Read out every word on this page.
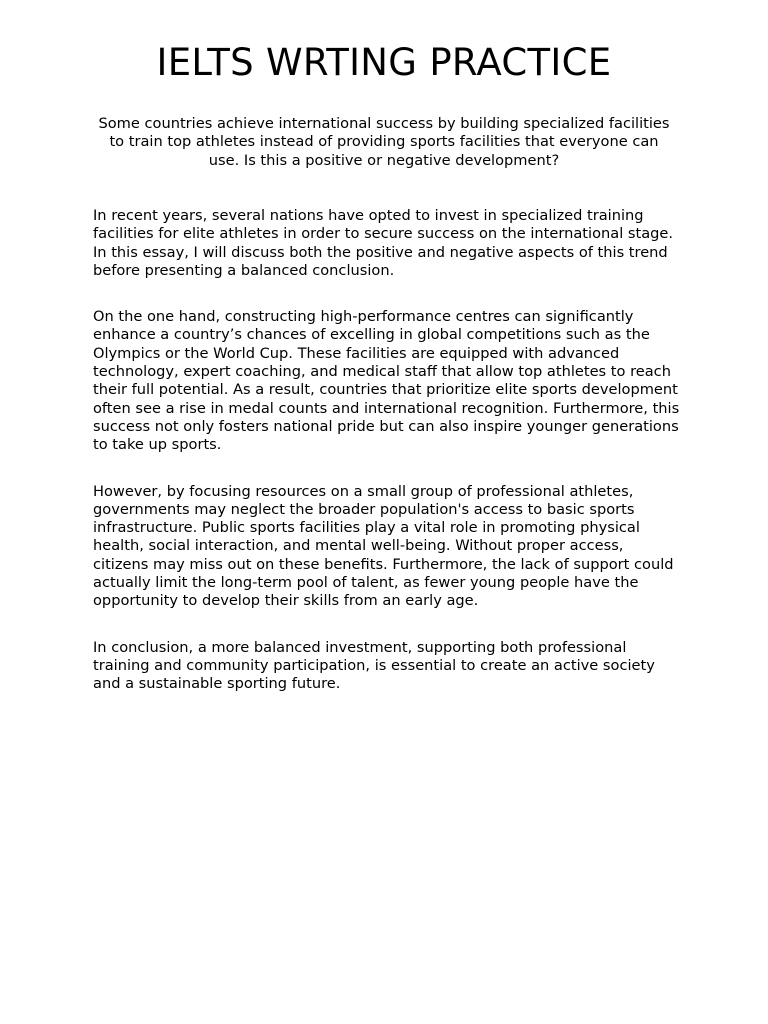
IELTS WRTING PRACTICE

Some countries achieve international success by building specialized facilities to train top athletes instead of providing sports facilities that everyone can use. Is this a positive or negative development?

In recent years, several nations have opted to invest in specialized training facilities for elite athletes in order to secure success on the international stage. In this essay, I will discuss both the positive and negative aspects of this trend before presenting a balanced conclusion.

On the one hand, constructing high-performance centres can significantly enhance a country’s chances of excelling in global competitions such as the Olympics or the World Cup. These facilities are equipped with advanced technology, expert coaching, and medical staff that allow top athletes to reach their full potential. As a result, countries that prioritize elite sports development often see a rise in medal counts and international recognition. Furthermore, this success not only fosters national pride but can also inspire younger generations to take up sports.

However, by focusing resources on a small group of professional athletes, governments may neglect the broader population's access to basic sports infrastructure. Public sports facilities play a vital role in promoting physical health, social interaction, and mental well-being. Without proper access, citizens may miss out on these benefits. Furthermore, the lack of support could actually limit the long-term pool of talent, as fewer young people have the opportunity to develop their skills from an early age.

In conclusion, a more balanced investment, supporting both professional training and community participation, is essential to create an active society and a sustainable sporting future.
